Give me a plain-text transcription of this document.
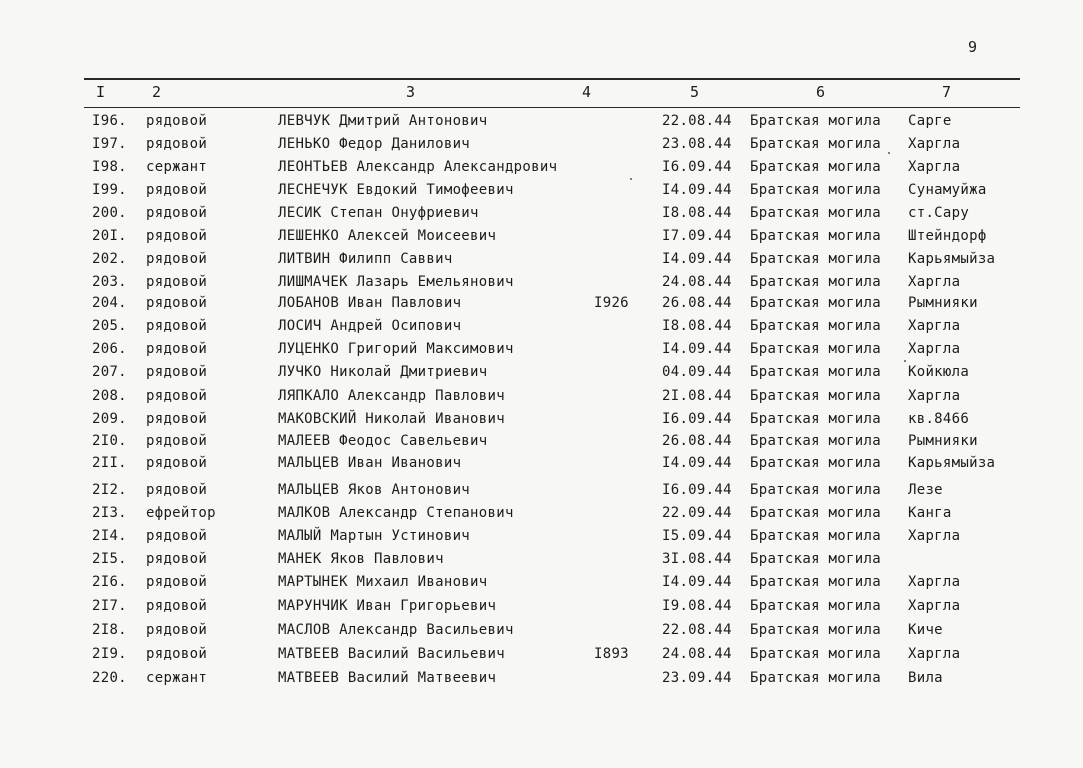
9
I	2	3	4	5	6	7
I96.	рядовой	ЛЕВЧУК Дмитрий Антонович	22.08.44 Братская могила Сарге
I97.	рядовой	ЛЕНЬКО Федор Данилович	23.08.44 Братская могила Харгла
I98.	сержант	ЛЕОНТЬЕВ Александр Александрович	I6.09.44 Братская могила Харгла
I99.	рядовой	ЛЕСНЕЧУК Евдокий Тимофеевич	I4.09.44 Братская могила Сунамуйжа
200.	рядовой	ЛЕСИК Степан Онуфриевич	I8.08.44 Братская могила ст.Сару
20I.	рядовой	ЛЕШЕНКО Алексей Моисеевич	I7.09.44 Братская могила Штейндорф
202.	рядовой	ЛИТВИН Филипп Саввич	I4.09.44 Братская могила Карьямыйза
203.	рядовой	ЛИШМАЧЕК Лазарь Емельянович	24.08.44 Братская могила Харгла
204.	рядовой	ЛОБАНОВ Иван Павлович	I926 26.08.44 Братская могила Рымнияки
205.	рядовой	ЛОСИЧ Андрей Осипович	I8.08.44 Братская могила Харгла
206.	рядовой	ЛУЦЕНКО Григорий Максимович	I4.09.44 Братская могила Харгла
207.	рядовой	ЛУЧКО Николай Дмитриевич	04.09.44 Братская могила Койкюла
208.	рядовой	ЛЯПКАЛО Александр Павлович	2I.08.44 Братская могила Харгла
209.	рядовой	МАКОВСКИЙ Николай Иванович	I6.09.44 Братская могила кв.8466
2I0.	рядовой	МАЛЕЕВ Феодос Савельевич	26.08.44 Братская могила Рымнияки
2II.	рядовой	МАЛЬЦЕВ Иван Иванович	I4.09.44 Братская могила Карьямыйза
2I2.	рядовой	МАЛЬЦЕВ Яков Антонович	I6.09.44 Братская могила Лезе
2I3.	ефрейтор	МАЛКОВ Александр Степанович	22.09.44 Братская могила Канга
2I4.	рядовой	МАЛЫЙ Мартын Устинович	I5.09.44 Братская могила Харгла
2I5.	рядовой	МАНЕК Яков Павлович	3I.08.44 Братская могила
2I6.	рядовой	МАРТЫНЕК Михаил Иванович	I4.09.44 Братская могила Харгла
2I7.	рядовой	МАРУНЧИК Иван Григорьевич	I9.08.44 Братская могила Харгла
2I8.	рядовой	МАСЛОВ Александр Васильевич	22.08.44 Братская могила Киче
2I9.	рядовой	МАТВЕЕВ Василий Васильевич	I893 24.08.44 Братская могила Харгла
220.	сержант	МАТВЕЕВ Василий Матвеевич	23.09.44 Братская могила Вила
